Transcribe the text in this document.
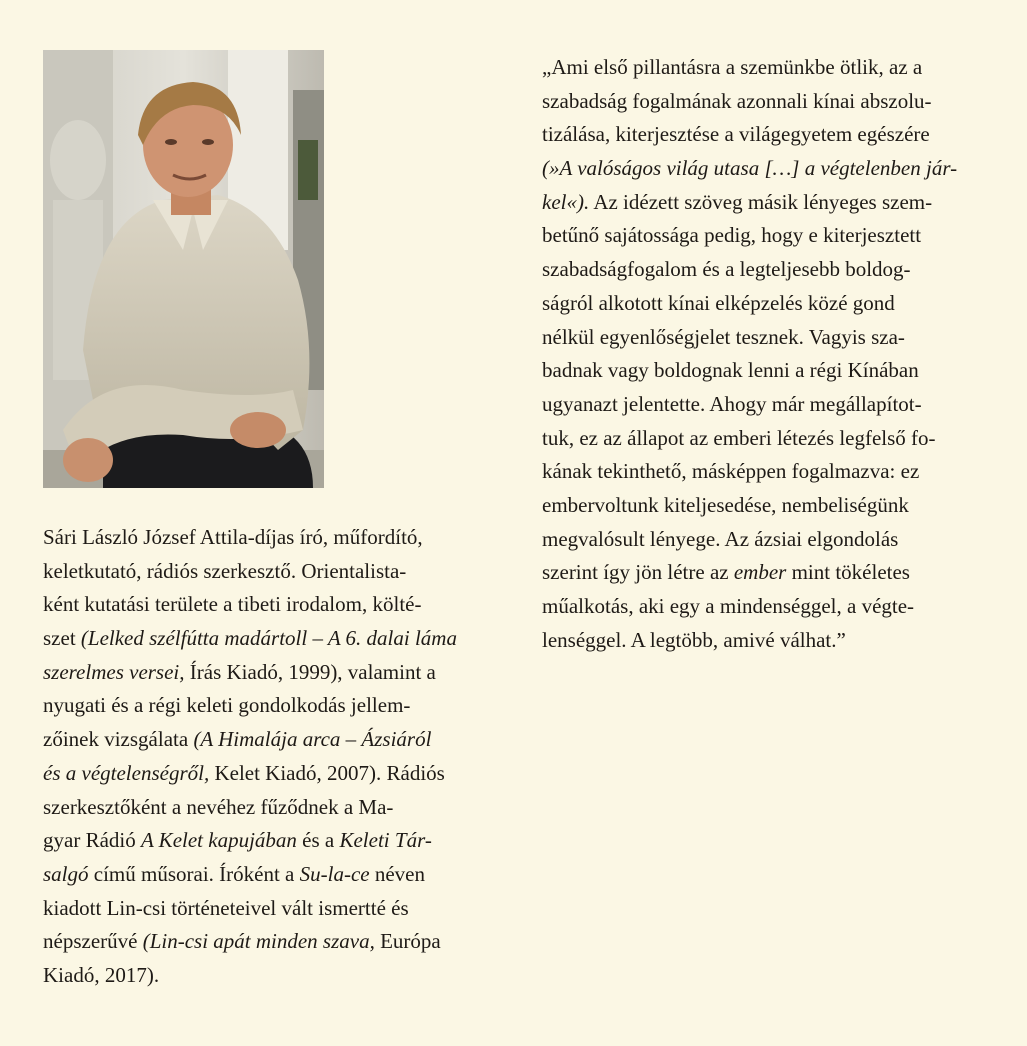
Sári László József Attila-díjas író, műfordító,
keletkutató, rádiós szerkesztő. Orientalista-
ként kutatási területe a tibeti irodalom, költé-
szet (Lelked szélfútta madártoll – A 6. dalai láma
szerelmes versei, Írás Kiadó, 1999), valamint a
nyugati és a régi keleti gondolkodás jellem-
zőinek vizsgálata (A Himalája arca – Ázsiáról
és a végtelenségről, Kelet Kiadó, 2007). Rádiós
szerkesztőként a nevéhez fűződnek a Ma-
gyar Rádió A Kelet kapujában és a Keleti Tár-
salgó című műsorai. Íróként a Su-la-ce néven
kiadott Lin-csi történeteivel vált ismertté és
népszerűvé (Lin-csi apát minden szava, Európa
Kiadó, 2017).
„Ami első pillantásra a szemünkbe ötlik, az a
szabadság fogalmának azonnali kínai abszolu-
tizálása, kiterjesztése a világegyetem egészére
(»A valóságos világ utasa […] a végtelenben jár-
kel«). Az idézett szöveg másik lényeges szem-
betűnő sajátossága pedig, hogy e kiterjesztett
szabadságfogalom és a legteljesebb boldog-
ságról alkotott kínai elképzelés közé gond
nélkül egyenlőségjelet tesznek. Vagyis sza-
badnak vagy boldognak lenni a régi Kínában
ugyanazt jelentette. Ahogy már megállapítot-
tuk, ez az állapot az emberi létezés legfelső fo-
kának tekinthető, másképpen fogalmazva: ez
embervoltunk kiteljesedése, nembeliségünk
megvalósult lényege. Az ázsiai elgondolás
szerint így jön létre az ember mint tökéletes
műalkotás, aki egy a mindenséggel, a végte-
lenséggel. A legtöbb, amivé válhat.”
